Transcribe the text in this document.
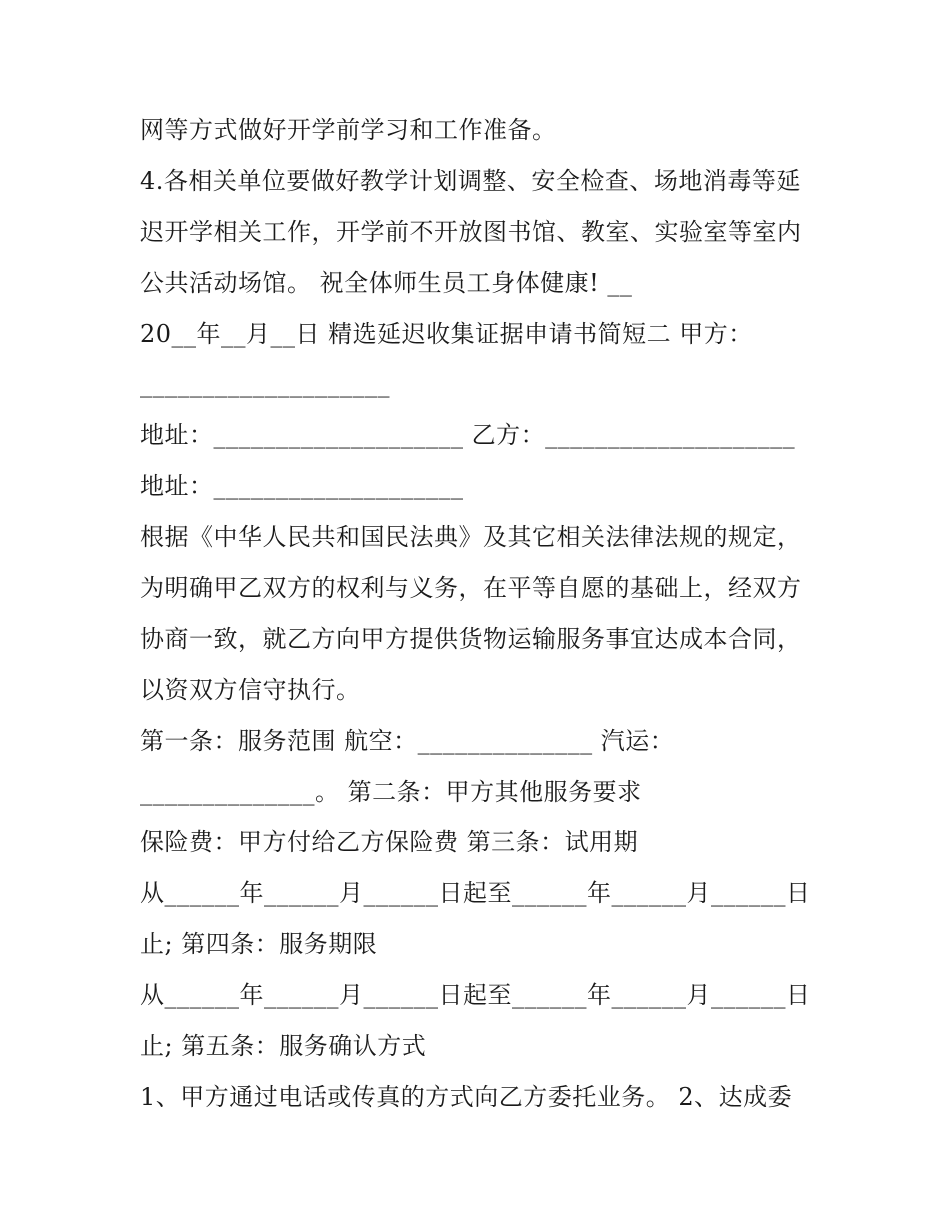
网等方式做好开学前学习和工作准备。
4.各相关单位要做好教学计划调整、安全检查、场地消毒等延
迟开学相关工作，开学前不开放图书馆、教室、实验室等室内
公共活动场馆。 祝全体师生员工身体健康! __
20__年__月__日 精选延迟收集证据申请书简短二 甲方：
____________________
地址：____________________ 乙方：____________________
地址：____________________
根据《中华人民共和国民法典》及其它相关法律法规的规定，
为明确甲乙双方的权利与义务，在平等自愿的基础上，经双方
协商一致，就乙方向甲方提供货物运输服务事宜达成本合同，
以资双方信守执行。
第一条：服务范围 航空：______________ 汽运：
______________。 第二条：甲方其他服务要求
保险费：甲方付给乙方保险费 第三条：试用期
从______年______月______日起至______年______月______日
止; 第四条：服务期限
从______年______月______日起至______年______月______日
止; 第五条：服务确认方式
1、甲方通过电话或传真的方式向乙方委托业务。 2、达成委
